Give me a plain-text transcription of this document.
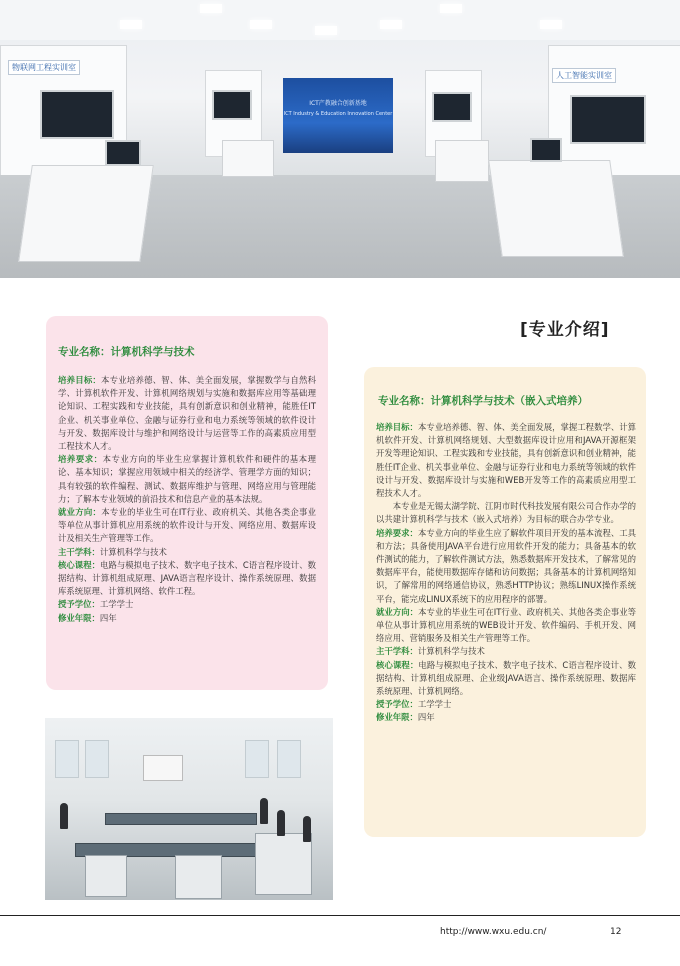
物联网工程实训室
人工智能实训室
ICT产教融合创新基地
ICT Industry & Education Innovation Center
[专业介绍]
专业名称：计算机科学与技术

培养目标：本专业培养德、智、体、美全面发展，掌握数学与自然科学、计算机软件开发、计算机网络规划与实施和数据库应用等基础理论知识、工程实践和专业技能，具有创新意识和创业精神，能胜任IT企业、机关事业单位、金融与证券行业和电力系统等领域的软件设计与开发、数据库设计与维护和网络设计与运营等工作的高素质应用型工程技术人才。

培养要求：本专业方向的毕业生应掌握计算机软件和硬件的基本理论、基本知识；掌握应用领域中相关的经济学、管理学方面的知识；具有较强的软件编程、测试、数据库维护与管理、网络应用与管理能力；了解本专业领域的前沿技术和信息产业的基本法规。

就业方向：本专业的毕业生可在IT行业、政府机关、其他各类企事业等单位从事计算机应用系统的软件设计与开发、网络应用、数据库设计及相关生产管理等工作。

主干学科：计算机科学与技术

核心课程：电路与模拟电子技术、数字电子技术、C语言程序设计、数据结构、计算机组成原理、JAVA语言程序设计、操作系统原理、数据库系统原理、计算机网络、软件工程。

授予学位：工学学士

修业年限：四年

专业名称：计算机科学与技术（嵌入式培养）

培养目标：本专业培养德、智、体、美全面发展，掌握工程数学、计算机软件开发、计算机网络规划、大型数据库设计应用和JAVA开源框架开发等理论知识、工程实践和专业技能，具有创新意识和创业精神，能胜任IT企业、机关事业单位、金融与证券行业和电力系统等领域的软件设计与开发、数据库设计与实施和WEB开发等工作的高素质应用型工程技术人才。

本专业是无锡太湖学院、江阴市时代科技发展有限公司合作办学的以共建计算机科学与技术（嵌入式培养）为目标的联合办学专业。

培养要求：本专业方向的毕业生应了解软件项目开发的基本流程、工具和方法；具备使用JAVA平台进行应用软件开发的能力；具备基本的软件测试的能力，了解软件测试方法，熟悉数据库开发技术，了解常见的数据库平台，能使用数据库存储和访问数据；具备基本的计算机网络知识，了解常用的网络通信协议，熟悉HTTP协议；熟练LINUX操作系统平台，能完成LINUX系统下的应用程序的部署。

就业方向：本专业的毕业生可在IT行业、政府机关、其他各类企事业等单位从事计算机应用系统的WEB设计开发、软件编码、手机开发、网络应用、营销服务及相关生产管理等工作。

主干学科：计算机科学与技术

核心课程：电路与模拟电子技术、数字电子技术、C语言程序设计、数据结构、计算机组成原理、企业级JAVA语言、操作系统原理、数据库系统原理、计算机网络。

授予学位：工学学士

修业年限：四年

http://www.wxu.edu.cn/	12
